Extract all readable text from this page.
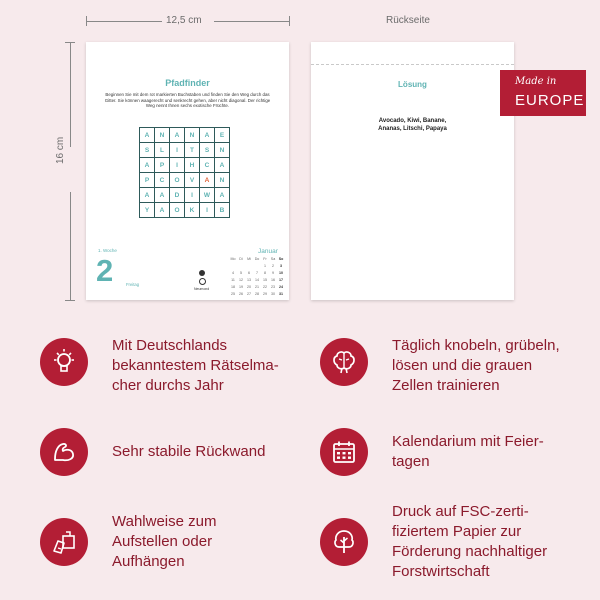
12,5 cm	Rückseite
16 cm
Pfadfinder
Beginnen Sie mit dem rot markierten Buchstaben und finden Sie den Weg durch das Gitter. Sie können waagerecht und senkrecht gehen, aber nicht diagonal. Der richtige Weg nennt Ihnen sechs exotische Früchte.
A	N	A	N	A	E
S	L	I	T	S	N
A	P	I	H	C	A
P	C	O	V	A	N
A	A	D	I	W	A
Y	A	O	K	I	B
1. Woche
2	Freitag
Neumond
Januar
Mo	Di	Mi	Do	Fr	Sa	So
				1	2	3
4	5	6	7	8	9	10
11	12	13	14	15	16	17
18	19	20	21	22	23	24
25	26	27	28	29	30	31
Lösung
Avocado, Kiwi, Banane,
Ananas, Litschi, Papaya
Made in
EUROPE
Mit Deutschlands
bekanntestem Rätselma-
cher durchs Jahr
Täglich knobeln, grübeln,
lösen und die grauen
Zellen trainieren
Sehr stabile Rückwand
Kalendarium mit Feier-
tagen
Wahlweise zum
Aufstellen oder
Aufhängen
Druck auf FSC-zerti-
fiziertem Papier zur
Förderung nachhaltiger
Forstwirtschaft
